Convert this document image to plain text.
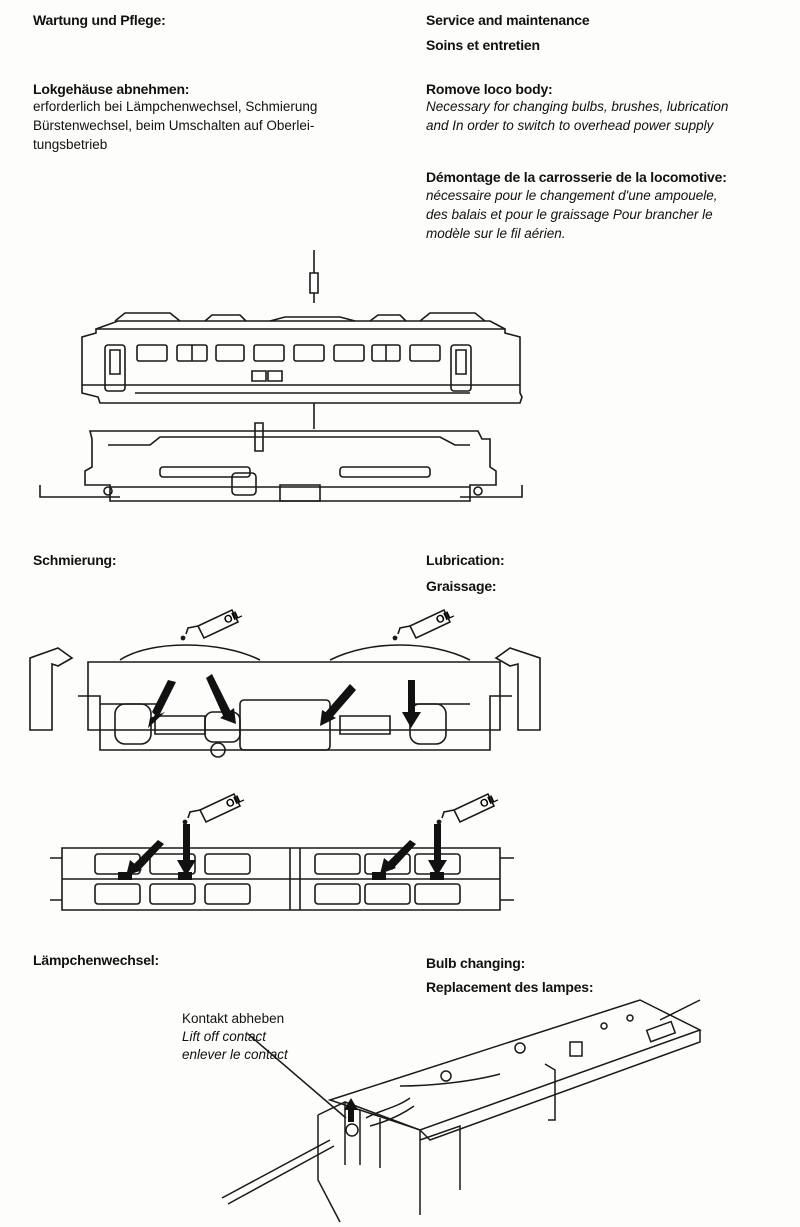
Wartung und Pflege:	Service and maintenance
Soins et entretien
Lokgehäuse abnehmen:
erforderlich bei Lämpchenwechsel, Schmierung
Bürstenwechsel, beim Umschalten auf Oberlei-
tungsbetrieb
Romove loco body:
Necessary for changing bulbs, brushes, lubrication
and In order to switch to overhead power supply
Démontage de la carrosserie de la locomotive:
nécessaire pour le changement d'une ampouele,
des balais et pour le graissage Pour brancher le
modèle sur le fil aérien.
Schmierung:	Lubrication:
Graissage:
Lämpchenwechsel:	Bulb changing:
Replacement des lampes:
Kontakt abheben
Lift off contact
enlever le contact
OIL	OIL
OIL	OIL
